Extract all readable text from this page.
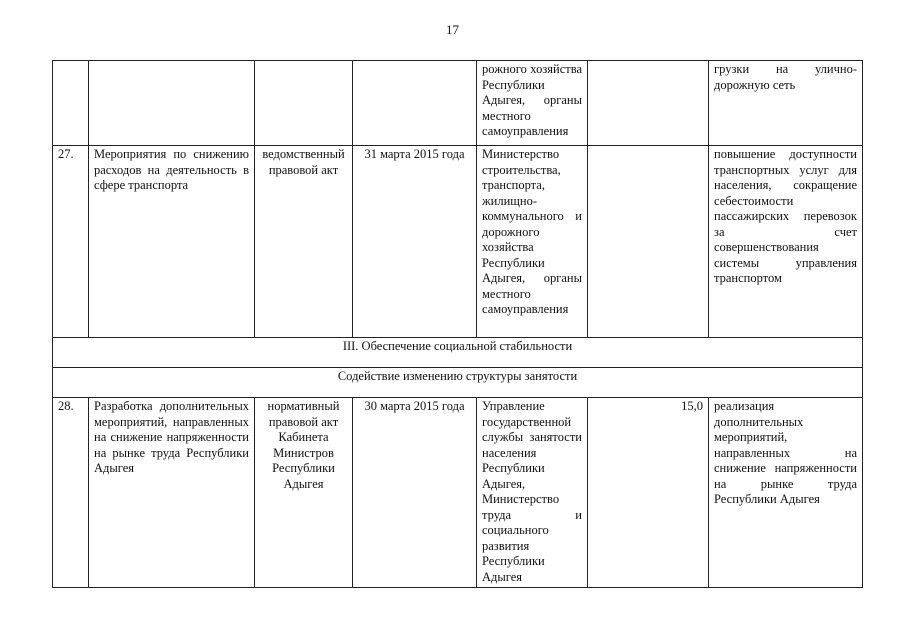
17
				рожного хозяйства Республики Адыгея, органы местного самоуправления		грузки на улично-дорожную сеть
27.	Мероприятия по снижению расходов на деятельность в сфере транспорта	ведомственный правовой акт	31 марта 2015 года	Министерство строительства, транспорта, жилищно-коммунального и дорожного хозяйства Республики Адыгея, органы местного самоуправления		повышение доступности транспортных услуг для населения, сокращение себестоимости пассажирских перевозок за счет совершенствования системы управления транспортом
III. Обеспечение социальной стабильности						
Содействие изменению структуры занятости						
28.	Разработка дополнительных мероприятий, направленных на снижение напряженности на рынке труда Республики Адыгея	нормативный правовой акт Кабинета Министров Республики Адыгея	30 марта 2015 года	Управление государственной службы занятости населения Республики Адыгея, Министерство труда и социального развития Республики Адыгея	15,0	реализация дополнительных мероприятий, направленных на снижение напряженности на рынке труда Республики Адыгея
